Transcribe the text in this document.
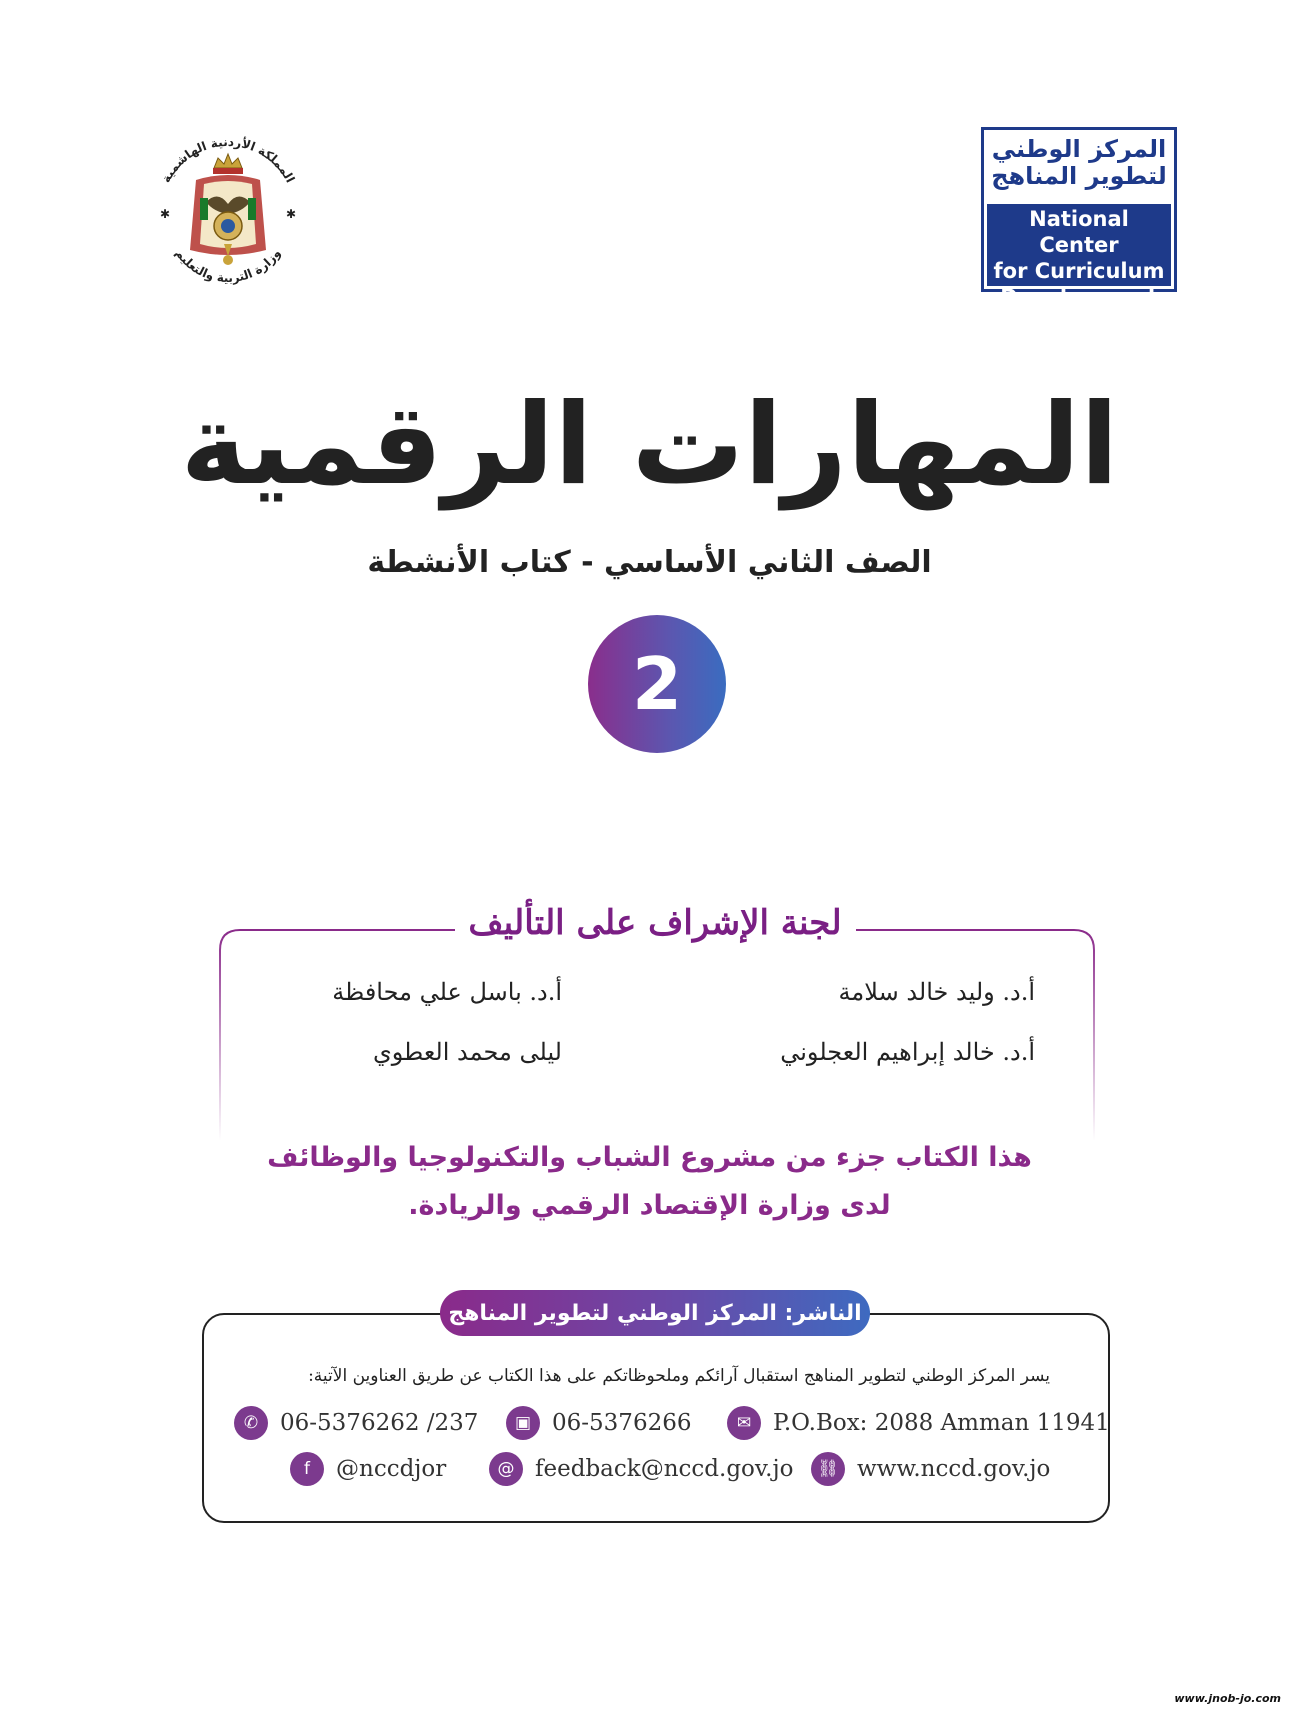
المملكة الأردنية الهاشمية
وزارة التربية والتعليم
✱	✱
المركز الوطني
لتطوير المناهج
National Center
for Curriculum
Development
المهارات الرقمية
الصف الثاني الأساسي - كتاب الأنشطة
2
لجنة الإشراف على التأليف
أ.د. وليد خالد سلامة
أ.د. باسل علي محافظة
أ.د. خالد إبراهيم العجلوني
ليلى محمد العطوي
هذا الكتاب جزء من مشروع الشباب والتكنولوجيا والوظائف
لدى وزارة الإقتصاد الرقمي والريادة.
الناشر: المركز الوطني لتطوير المناهج
يسر المركز الوطني لتطوير المناهج استقبال آرائكم وملحوظاتكم على هذا الكتاب عن طريق العناوين الآتية:
✆ 06-5376262 /237	▣ 06-5376266	✉ P.O.Box: 2088 Amman 11941
f	@nccdjor	@ feedback@nccd.gov.jo	⛓ www.nccd.gov.jo
www.jnob-jo.com
